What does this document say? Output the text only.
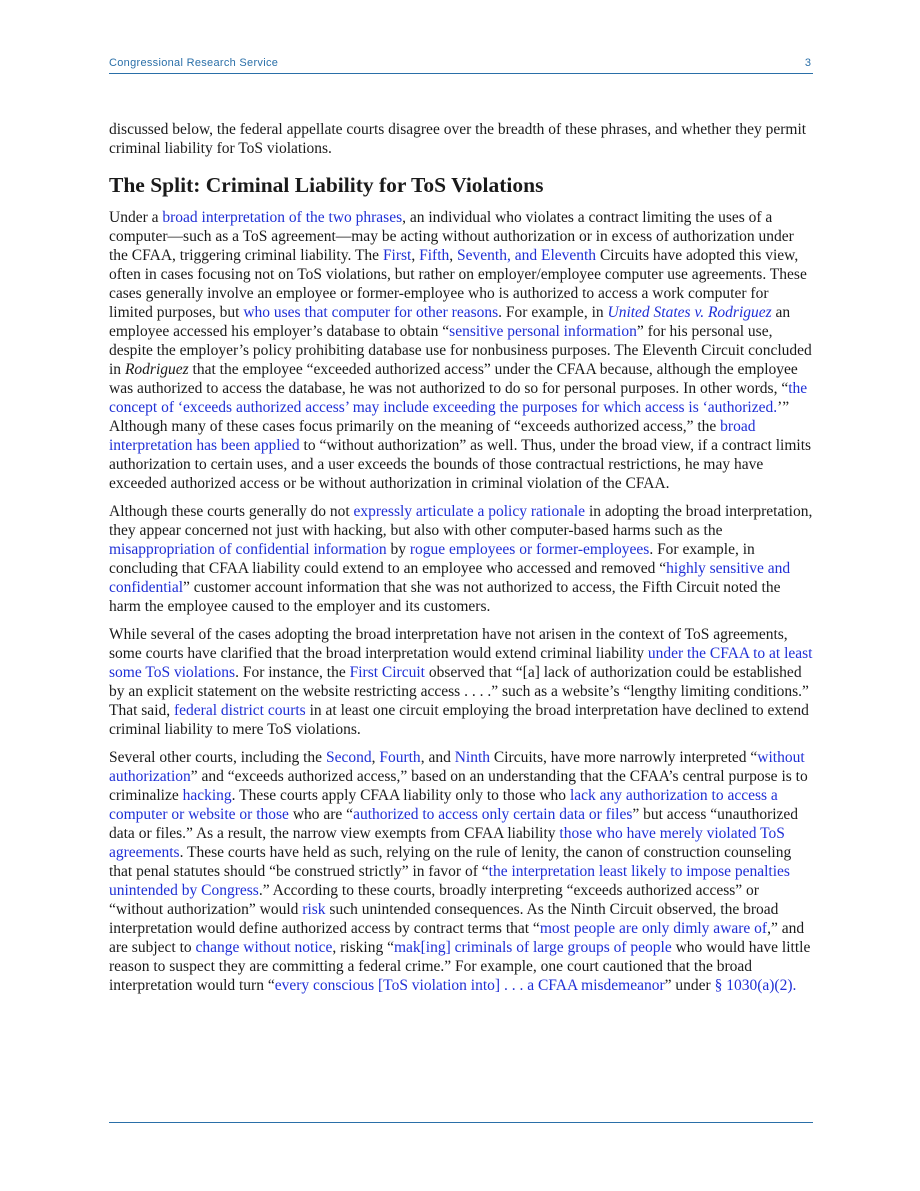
Congressional Research Service	3

discussed below, the federal appellate courts disagree over the breadth of these phrases, and whether they permit criminal liability for ToS violations.

The Split: Criminal Liability for ToS Violations

Under a broad interpretation of the two phrases, an individual who violates a contract limiting the uses of a computer—such as a ToS agreement—may be acting without authorization or in excess of authorization under the CFAA, triggering criminal liability. The First, Fifth, Seventh, and Eleventh Circuits have adopted this view, often in cases focusing not on ToS violations, but rather on employer/employee computer use agreements. These cases generally involve an employee or former-employee who is authorized to access a work computer for limited purposes, but who uses that computer for other reasons. For example, in United States v. Rodriguez an employee accessed his employer’s database to obtain “sensitive personal information” for his personal use, despite the employer’s policy prohibiting database use for nonbusiness purposes. The Eleventh Circuit concluded in Rodriguez that the employee “exceeded authorized access” under the CFAA because, although the employee was authorized to access the database, he was not authorized to do so for personal purposes. In other words, “the concept of ‘exceeds authorized access’ may include exceeding the purposes for which access is ‘authorized.’” Although many of these cases focus primarily on the meaning of “exceeds authorized access,” the broad interpretation has been applied to “without authorization” as well. Thus, under the broad view, if a contract limits authorization to certain uses, and a user exceeds the bounds of those contractual restrictions, he may have exceeded authorized access or be without authorization in criminal violation of the CFAA.

Although these courts generally do not expressly articulate a policy rationale in adopting the broad interpretation, they appear concerned not just with hacking, but also with other computer-based harms such as the misappropriation of confidential information by rogue employees or former-employees. For example, in concluding that CFAA liability could extend to an employee who accessed and removed “highly sensitive and confidential” customer account information that she was not authorized to access, the Fifth Circuit noted the harm the employee caused to the employer and its customers.

While several of the cases adopting the broad interpretation have not arisen in the context of ToS agreements, some courts have clarified that the broad interpretation would extend criminal liability under the CFAA to at least some ToS violations. For instance, the First Circuit observed that “[a] lack of authorization could be established by an explicit statement on the website restricting access . . . .” such as a website’s “lengthy limiting conditions.” That said, federal district courts in at least one circuit employing the broad interpretation have declined to extend criminal liability to mere ToS violations.

Several other courts, including the Second, Fourth, and Ninth Circuits, have more narrowly interpreted “without authorization” and “exceeds authorized access,” based on an understanding that the CFAA’s central purpose is to criminalize hacking. These courts apply CFAA liability only to those who lack any authorization to access a computer or website or those who are “authorized to access only certain data or files” but access “unauthorized data or files.” As a result, the narrow view exempts from CFAA liability those who have merely violated ToS agreements. These courts have held as such, relying on the rule of lenity, the canon of construction counseling that penal statutes should “be construed strictly” in favor of “the interpretation least likely to impose penalties unintended by Congress.” According to these courts, broadly interpreting “exceeds authorized access” or “without authorization” would risk such unintended consequences. As the Ninth Circuit observed, the broad interpretation would define authorized access by contract terms that “most people are only dimly aware of,” and are subject to change without notice, risking “mak[ing] criminals of large groups of people who would have little reason to suspect they are committing a federal crime.” For example, one court cautioned that the broad interpretation would turn “every conscious [ToS violation into] . . . a CFAA misdemeanor” under § 1030(a)(2).
